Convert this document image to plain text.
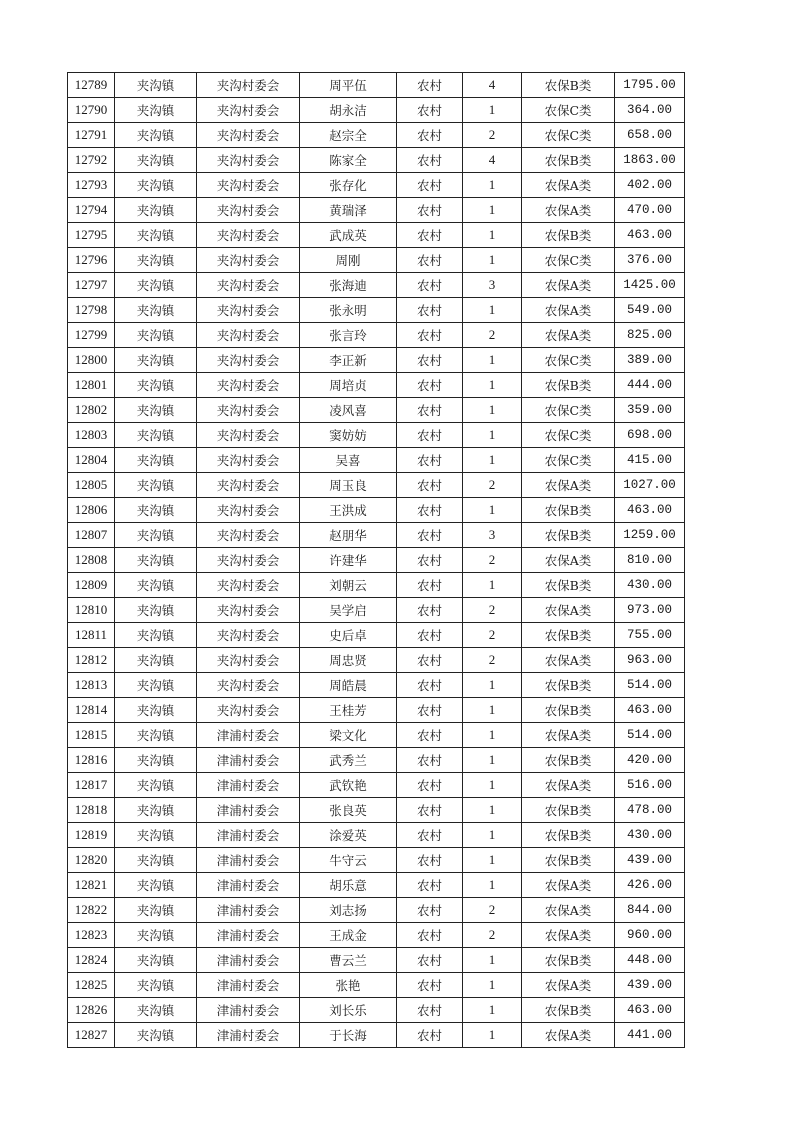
12789	夹沟镇	夹沟村委会	周平伍	农村	4	农保B类	1795.00
12790	夹沟镇	夹沟村委会	胡永洁	农村	1	农保C类	364.00
12791	夹沟镇	夹沟村委会	赵宗全	农村	2	农保C类	658.00
12792	夹沟镇	夹沟村委会	陈家全	农村	4	农保B类	1863.00
12793	夹沟镇	夹沟村委会	张存化	农村	1	农保A类	402.00
12794	夹沟镇	夹沟村委会	黄瑞泽	农村	1	农保A类	470.00
12795	夹沟镇	夹沟村委会	武成英	农村	1	农保B类	463.00
12796	夹沟镇	夹沟村委会	周刚	农村	1	农保C类	376.00
12797	夹沟镇	夹沟村委会	张海迪	农村	3	农保A类	1425.00
12798	夹沟镇	夹沟村委会	张永明	农村	1	农保A类	549.00
12799	夹沟镇	夹沟村委会	张言玲	农村	2	农保A类	825.00
12800	夹沟镇	夹沟村委会	李正新	农村	1	农保C类	389.00
12801	夹沟镇	夹沟村委会	周培贞	农村	1	农保B类	444.00
12802	夹沟镇	夹沟村委会	凌风喜	农村	1	农保C类	359.00
12803	夹沟镇	夹沟村委会	窦妨妨	农村	1	农保C类	698.00
12804	夹沟镇	夹沟村委会	吴喜	农村	1	农保C类	415.00
12805	夹沟镇	夹沟村委会	周玉良	农村	2	农保A类	1027.00
12806	夹沟镇	夹沟村委会	王洪成	农村	1	农保B类	463.00
12807	夹沟镇	夹沟村委会	赵朋华	农村	3	农保B类	1259.00
12808	夹沟镇	夹沟村委会	许建华	农村	2	农保A类	810.00
12809	夹沟镇	夹沟村委会	刘朝云	农村	1	农保B类	430.00
12810	夹沟镇	夹沟村委会	吴学启	农村	2	农保A类	973.00
12811	夹沟镇	夹沟村委会	史后卓	农村	2	农保B类	755.00
12812	夹沟镇	夹沟村委会	周忠贤	农村	2	农保A类	963.00
12813	夹沟镇	夹沟村委会	周皓晨	农村	1	农保B类	514.00
12814	夹沟镇	夹沟村委会	王桂芳	农村	1	农保B类	463.00
12815	夹沟镇	津浦村委会	梁文化	农村	1	农保A类	514.00
12816	夹沟镇	津浦村委会	武秀兰	农村	1	农保B类	420.00
12817	夹沟镇	津浦村委会	武钦艳	农村	1	农保A类	516.00
12818	夹沟镇	津浦村委会	张良英	农村	1	农保B类	478.00
12819	夹沟镇	津浦村委会	涂爱英	农村	1	农保B类	430.00
12820	夹沟镇	津浦村委会	牛守云	农村	1	农保B类	439.00
12821	夹沟镇	津浦村委会	胡乐意	农村	1	农保A类	426.00
12822	夹沟镇	津浦村委会	刘志扬	农村	2	农保A类	844.00
12823	夹沟镇	津浦村委会	王成金	农村	2	农保A类	960.00
12824	夹沟镇	津浦村委会	曹云兰	农村	1	农保B类	448.00
12825	夹沟镇	津浦村委会	张艳	农村	1	农保A类	439.00
12826	夹沟镇	津浦村委会	刘长乐	农村	1	农保B类	463.00
12827	夹沟镇	津浦村委会	于长海	农村	1	农保A类	441.00
